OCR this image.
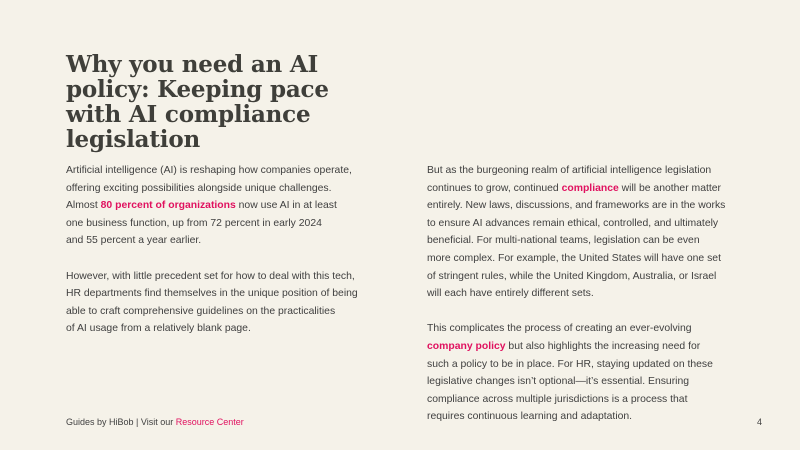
Why you need an AI
policy: Keeping pace
with AI compliance
legislation

Artificial intelligence (AI) is reshaping how companies operate,
offering exciting possibilities alongside unique challenges.
Almost 80 percent of organizations now use AI in at least
one business function, up from 72 percent in early 2024
and 55 percent a year earlier.

However, with little precedent set for how to deal with this tech,
HR departments find themselves in the unique position of being
able to craft comprehensive guidelines on the practicalities
of AI usage from a relatively blank page.

But as the burgeoning realm of artificial intelligence legislation
continues to grow, continued compliance will be another matter
entirely. New laws, discussions, and frameworks are in the works
to ensure AI advances remain ethical, controlled, and ultimately
beneficial. For multi-national teams, legislation can be even
more complex. For example, the United States will have one set
of stringent rules, while the United Kingdom, Australia, or Israel
will each have entirely different sets.

This complicates the process of creating an ever-evolving
company policy but also highlights the increasing need for
such a policy to be in place. For HR, staying updated on these
legislative changes isn’t optional—it’s essential. Ensuring
compliance across multiple jurisdictions is a process that
requires continuous learning and adaptation.

Guides by HiBob | Visit our Resource Center	4
